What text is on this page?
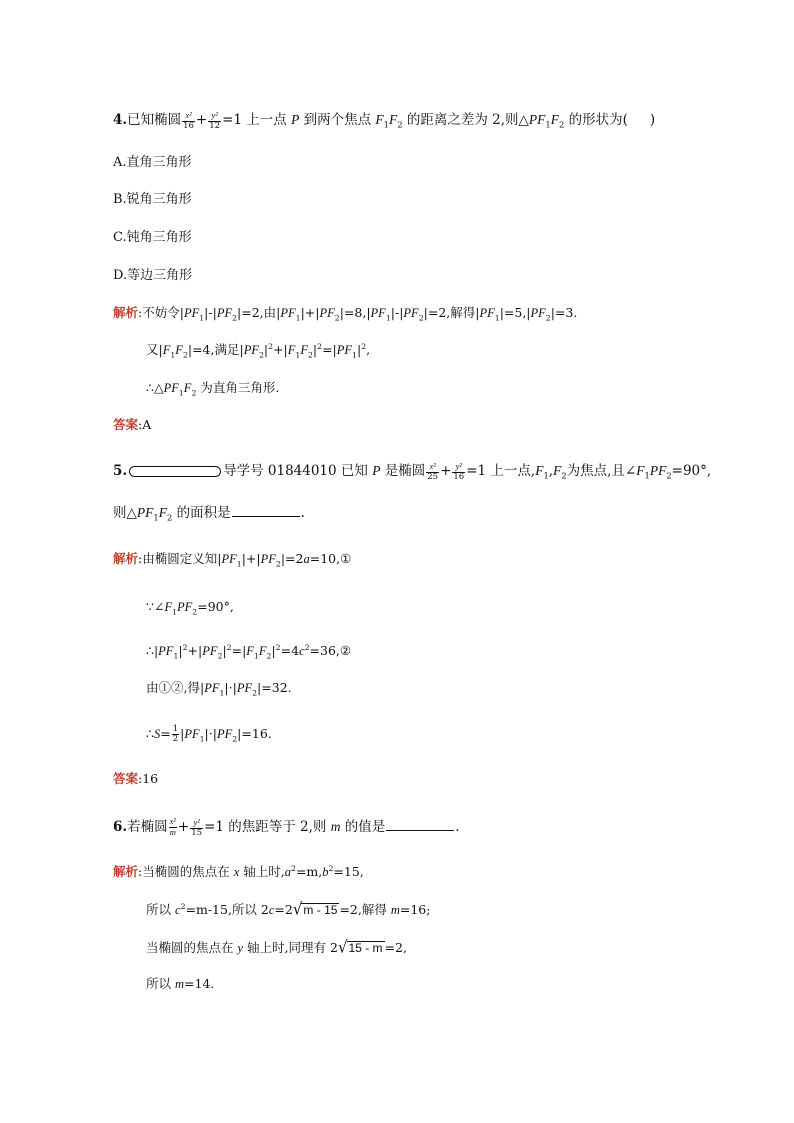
4.已知椭圆 $\frac{\text{x²}}{16} + \frac{\text{y²}}{12} =1$ 上一点 P 到两个焦点 $F_1F_2$ 的距离之差为 2,则$\triangle PF_1F_2$ 的形状为( )
A.直角三角形
B.锐角三角形
C.钝角三角形
D.等边三角形
解析:不妨令$|PF_1|-|PF_2|=2$,由$|PF_1|+|PF_2|=8,|PF_1|-|PF_2|=2$,解得$|PF_1|=5,|PF_2|=3$.
又$|F_1F_2|=4$,满足$|PF_2|^2+|F_1F_2|^2=|PF_1|^2$,
$\therefore\triangle PF_1F_2$ 为直角三角形.
答案:A
5.	导学号 01844010 已知 P 是椭圆 $\frac{\text{x²}}{25} + \frac{\text{y²}}{16} =1$ 上一点$,F_1,F_2$为焦点,且$\angle F_1PF_2=90^\circ$,
则$\triangle PF_1F_2$ 的面积是	.
解析:由椭圆定义知$|PF_1|+|PF_2|=2a=10,①$
$\because\angle F_1PF_2=90^\circ$,
$\therefore|PF_1|^2+|PF_2|^2=|F_1F_2|^2=4c^2=36,②$
由①②,得$|PF_1|\cdot|PF_2|=32$.
∴S= $\frac{1}{2} |PF_1|\cdot|PF_2|=16$.
答案:16
6.若椭圆 $\frac{\text{x²}}{m}+ \frac{\text{y²}}{15} =1$ 的焦距等于 2,则 m 的值是	.
解析:当椭圆的焦点在 x 轴上时$,a^2=m,b^2=15$,
所以 $c^2=m-15$,所以 2c=2√m - 15 =2,解得 m=16;
当椭圆的焦点在 y 轴上时,同理有 2√15 - m =2,
所以 m=14.
